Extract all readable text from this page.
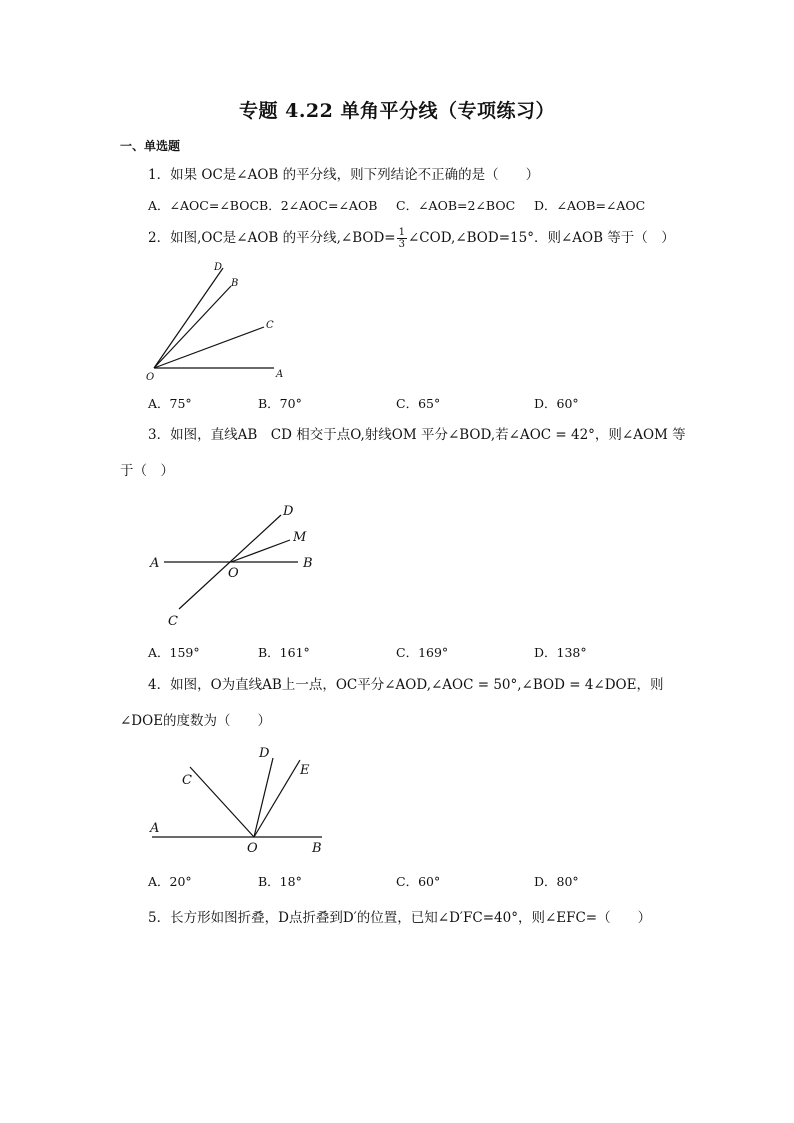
专题 4.22 单角平分线（专项练习）
一、单选题
1．如果 OC是∠AOB 的平分线，则下列结论不正确的是（　　）
A．∠AOC=∠BOCB．2∠AOC=∠AOB C．∠AOB=2∠BOC D．∠AOB=∠AOC
2．如图,OC是∠AOB 的平分线,∠BOD= $\frac{1}{3}$ ∠COD,∠BOD=15°．则∠AOB 等于（　）
D
B
C
O	A
A．75°	B．70°	C．65°	D．60°
3．如图，直线AB　CD 相交于点O,射线OM 平分∠BOD,若∠AOC = 42°，则∠AOM 等
于（　）
D
M
A
O
B
C
A．159°	B．161°	C．169°	D．138°
4．如图，O为直线AB上一点，OC平分∠AOD,∠AOC = 50°,∠BOD = 4∠DOE，则
∠DOE的度数为（　　）
D
E
C
A
O	B
A．20°	B．18°	C．60°	D．80°
5．长方形如图折叠，D点折叠到D′的位置，已知∠D′FC=40°，则∠EFC=（　　）
